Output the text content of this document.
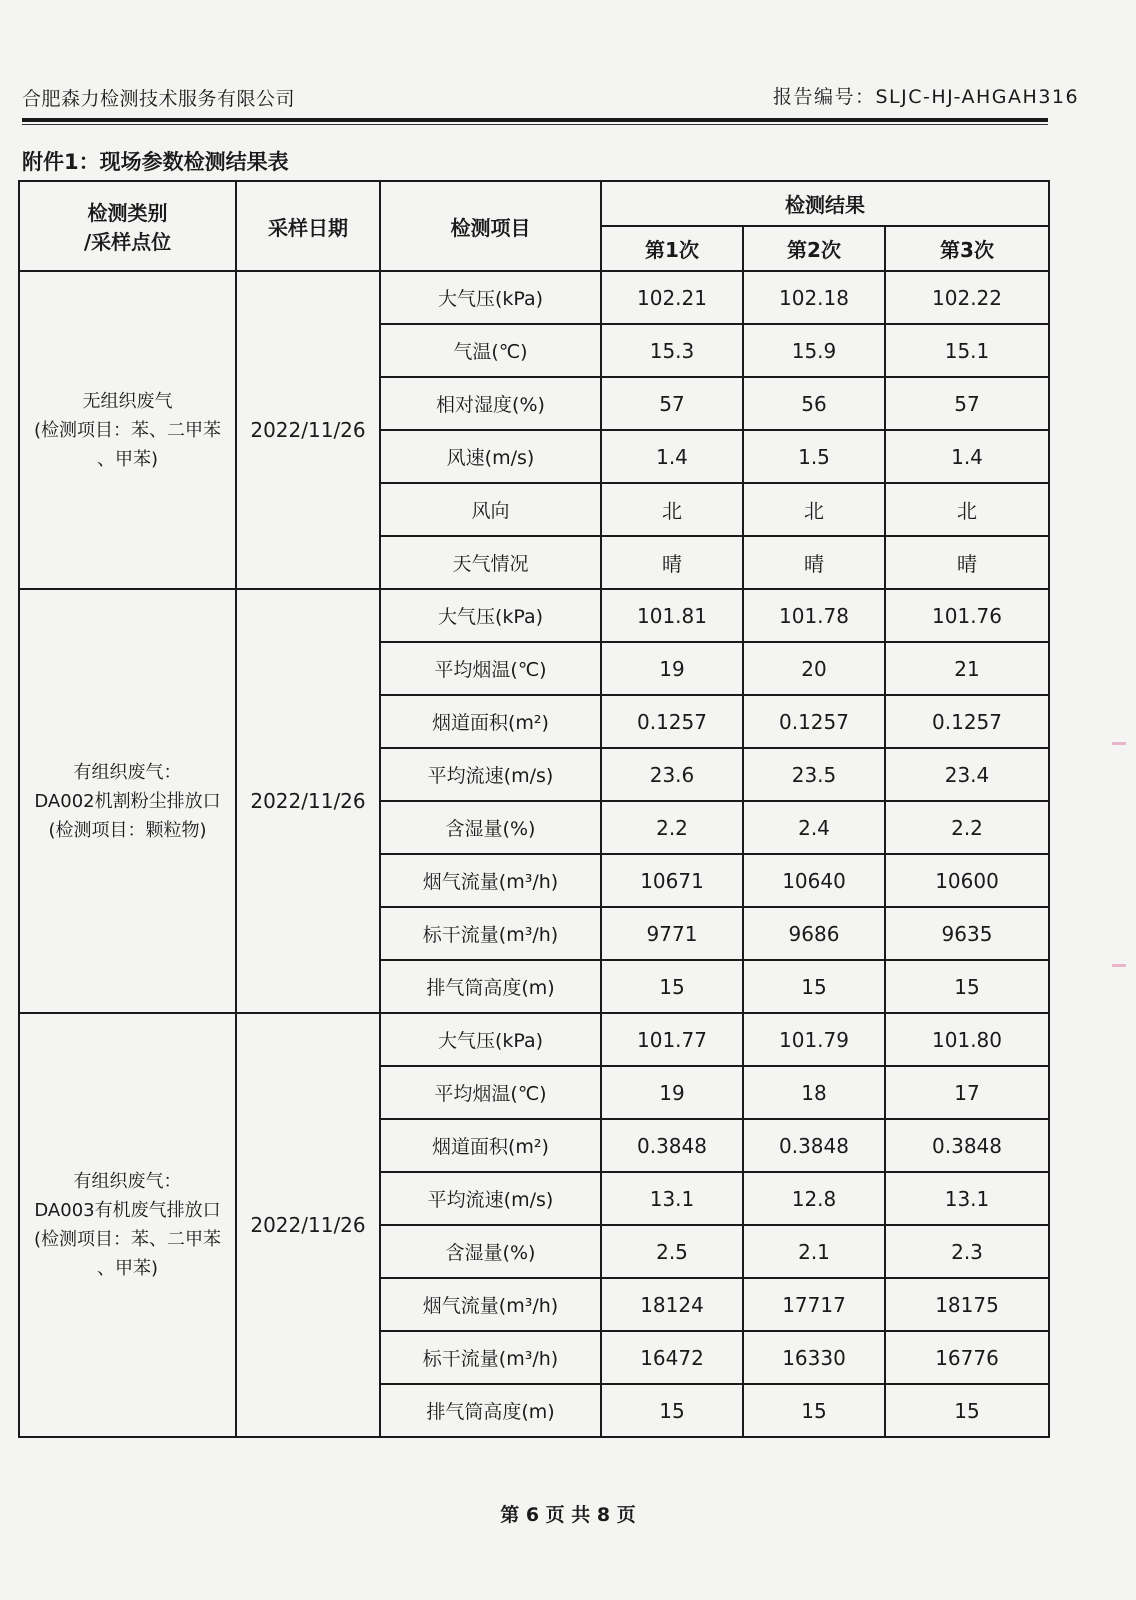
合肥森力检测技术服务有限公司	报告编号：SLJC-HJ-AHGAH316
附件1：现场参数检测结果表
检测类别
/采样点位	采样日期	检测项目	检测结果		
			第1次	第2次	第3次

无组织废气
(检测项目：苯、二甲苯
、甲苯)	2022/11/26	大气压(kPa)	102.21	102.18	102.22
		气温(℃)	15.3	15.9	15.1
		相对湿度(%)	57	56	57
		风速(m/s)	1.4	1.5	1.4
		风向	北	北	北
		天气情况	晴	晴	晴

有组织废气：
DA002机割粉尘排放口
(检测项目：颗粒物)	2022/11/26	大气压(kPa)	101.81	101.78	101.76
		平均烟温(℃)	19	20	21
		烟道面积(m²)	0.1257	0.1257	0.1257
		平均流速(m/s)	23.6	23.5	23.4
		含湿量(%)	2.2	2.4	2.2
		烟气流量(m³/h)	10671	10640	10600
		标干流量(m³/h)	9771	9686	9635
		排气筒高度(m)	15	15	15

有组织废气：
DA003有机废气排放口
(检测项目：苯、二甲苯
、甲苯)	2022/11/26	大气压(kPa)	101.77	101.79	101.80
		平均烟温(℃)	19	18	17
		烟道面积(m²)	0.3848	0.3848	0.3848
		平均流速(m/s)	13.1	12.8	13.1
		含湿量(%)	2.5	2.1	2.3
		烟气流量(m³/h)	18124	17717	18175
		标干流量(m³/h)	16472	16330	16776
		排气筒高度(m)	15	15	15
第 6 页 共 8 页
